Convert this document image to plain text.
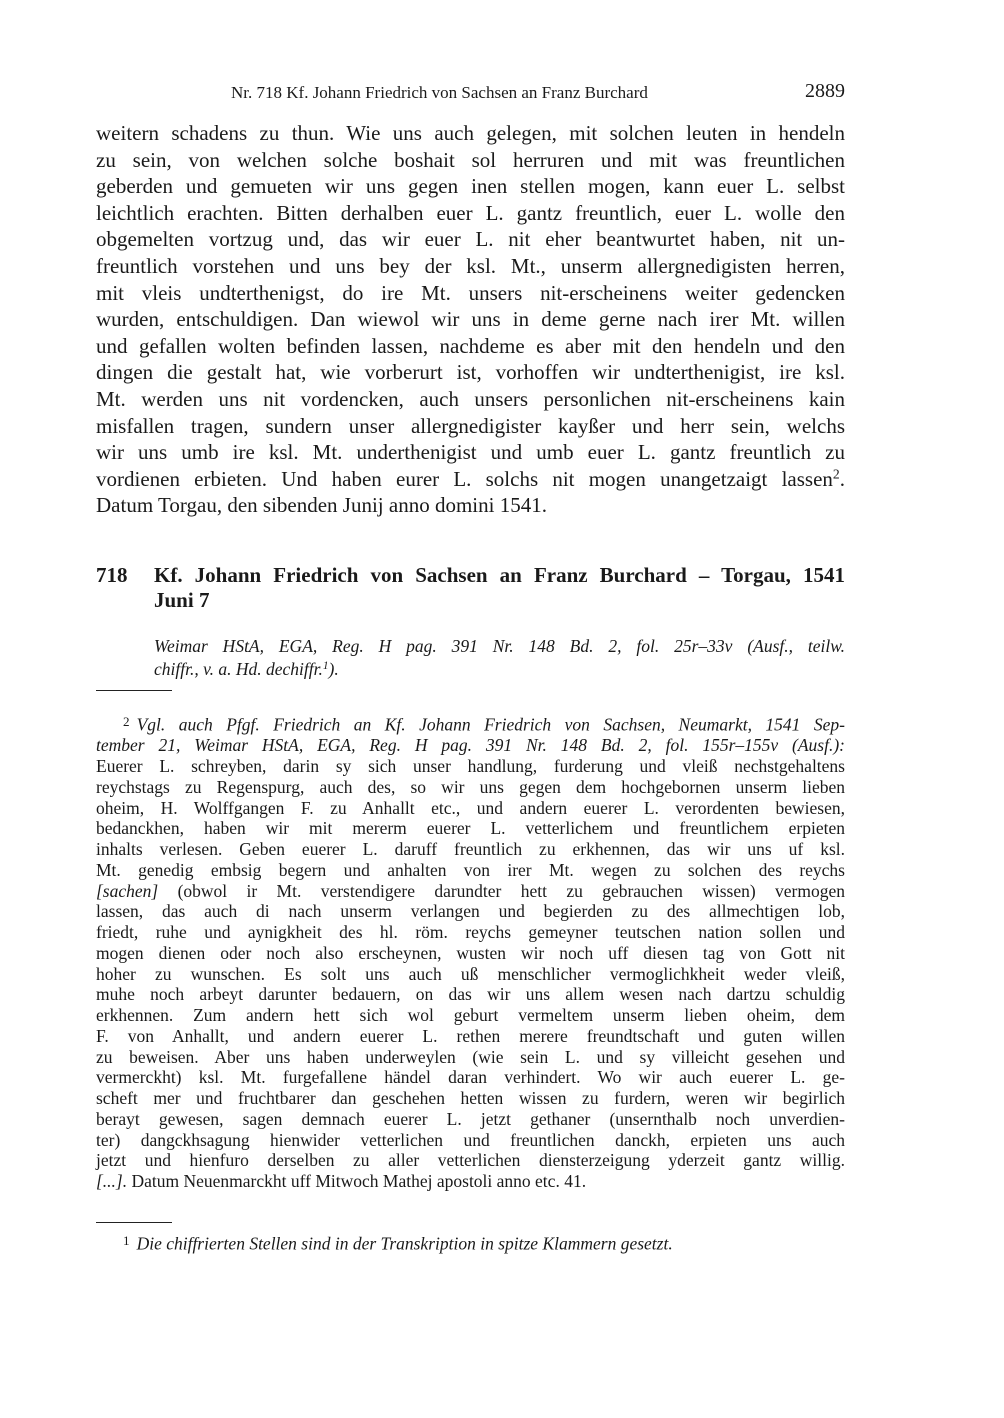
Nr. 718 Kf. Johann Friedrich von Sachsen an Franz Burchard	2889
weitern schadens zu thun. Wie uns auch gelegen, mit solchen leuten in hendeln
zu sein, von welchen solche boshait sol herruren und mit was freuntlichen
geberden und gemueten wir uns gegen inen stellen mogen, kann euer L. selbst
leichtlich erachten. Bitten derhalben euer L. gantz freuntlich, euer L. wolle den
obgemelten vortzug und, das wir euer L. nit eher beantwurtet haben, nit un-
freuntlich vorstehen und uns bey der ksl. Mt., unserm allergnedigisten herren,
mit vleis undterthenigst, do ire Mt. unsers nit-erscheinens weiter gedencken
wurden, entschuldigen. Dan wiewol wir uns in deme gerne nach irer Mt. willen
und gefallen wolten befinden lassen, nachdeme es aber mit den hendeln und den
dingen die gestalt hat, wie vorberurt ist, vorhoffen wir undterthenigist, ire ksl.
Mt. werden uns nit vordencken, auch unsers personlichen nit-erscheinens kain
misfallen tragen, sundern unser allergnedigister kayßer und herr sein, welchs
wir uns umb ire ksl. Mt. underthenigist und umb euer L. gantz freuntlich zu
vordienen erbieten. Und haben eurer L. solchs nit mogen unangetzaigt lassen$^2$.
Datum Torgau, den sibenden Junij anno domini 1541.
718 Kf. Johann Friedrich von Sachsen an Franz Burchard – Torgau, 1541
Juni 7
Weimar HStA, EGA, Reg. H pag. 391 Nr. 148 Bd. 2, fol. 25r–33v (Ausf., teilw.
chiffr., v. a. Hd. dechiffr.$^1$).
$^2$ Vgl. auch Pfgf. Friedrich an Kf. Johann Friedrich von Sachsen, Neumarkt, 1541 Sep-
tember 21, Weimar HStA, EGA, Reg. H pag. 391 Nr. 148 Bd. 2, fol. 155r–155v (Ausf.):
Euerer L. schreyben, darin sy sich unser handlung, furderung und vleiß nechstgehaltens
reychstags zu Regenspurg, auch des, so wir uns gegen dem hochgebornen unserm lieben
oheim, H. Wolffgangen F. zu Anhallt etc., und andern euerer L. verordenten bewiesen,
bedanckhen, haben wir mit mererm euerer L. vetterlichem und freuntlichem erpieten
inhalts verlesen. Geben euerer L. daruff freuntlich zu erkhennen, das wir uns uf ksl.
Mt. genedig embsig begern und anhalten von irer Mt. wegen zu solchen des reychs
[sachen] (obwol ir Mt. verstendigere darundter hett zu gebrauchen wissen) vermogen
lassen, das auch di nach unserm verlangen und begierden zu des allmechtigen lob,
friedt, ruhe und aynigkheit des hl. röm. reychs gemeyner teutschen nation sollen und
mogen dienen oder noch also erscheynen, wusten wir noch uff diesen tag von Gott nit
hoher zu wunschen. Es solt uns auch uß menschlicher vermoglichkheit weder vleiß,
muhe noch arbeyt darunter bedauern, on das wir uns allem wesen nach dartzu schuldig
erkhennen. Zum andern hett sich wol geburt vermeltem unserm lieben oheim, dem
F. von Anhallt, und andern euerer L. rethen merere freundtschaft und guten willen
zu beweisen. Aber uns haben underweylen (wie sein L. und sy villeicht gesehen und
vermerckht) ksl. Mt. furgefallene händel daran verhindert. Wo wir auch euerer L. ge-
scheft mer und fruchtbarer dan geschehen hetten wissen zu furdern, weren wir begirlich
berayt gewesen, sagen demnach euerer L. jetzt gethaner (unsernthalb noch unverdien-
ter) dangckhsagung hienwider vetterlichen und freuntlichen danckh, erpieten uns auch
jetzt und hienfuro derselben zu aller vetterlichen diensterzeigung yderzeit gantz willig.
[...]. Datum Neuenmarckht uff Mitwoch Mathej apostoli anno etc. 41.
$^1$ Die chiffrierten Stellen sind in der Transkription in spitze Klammern gesetzt.
